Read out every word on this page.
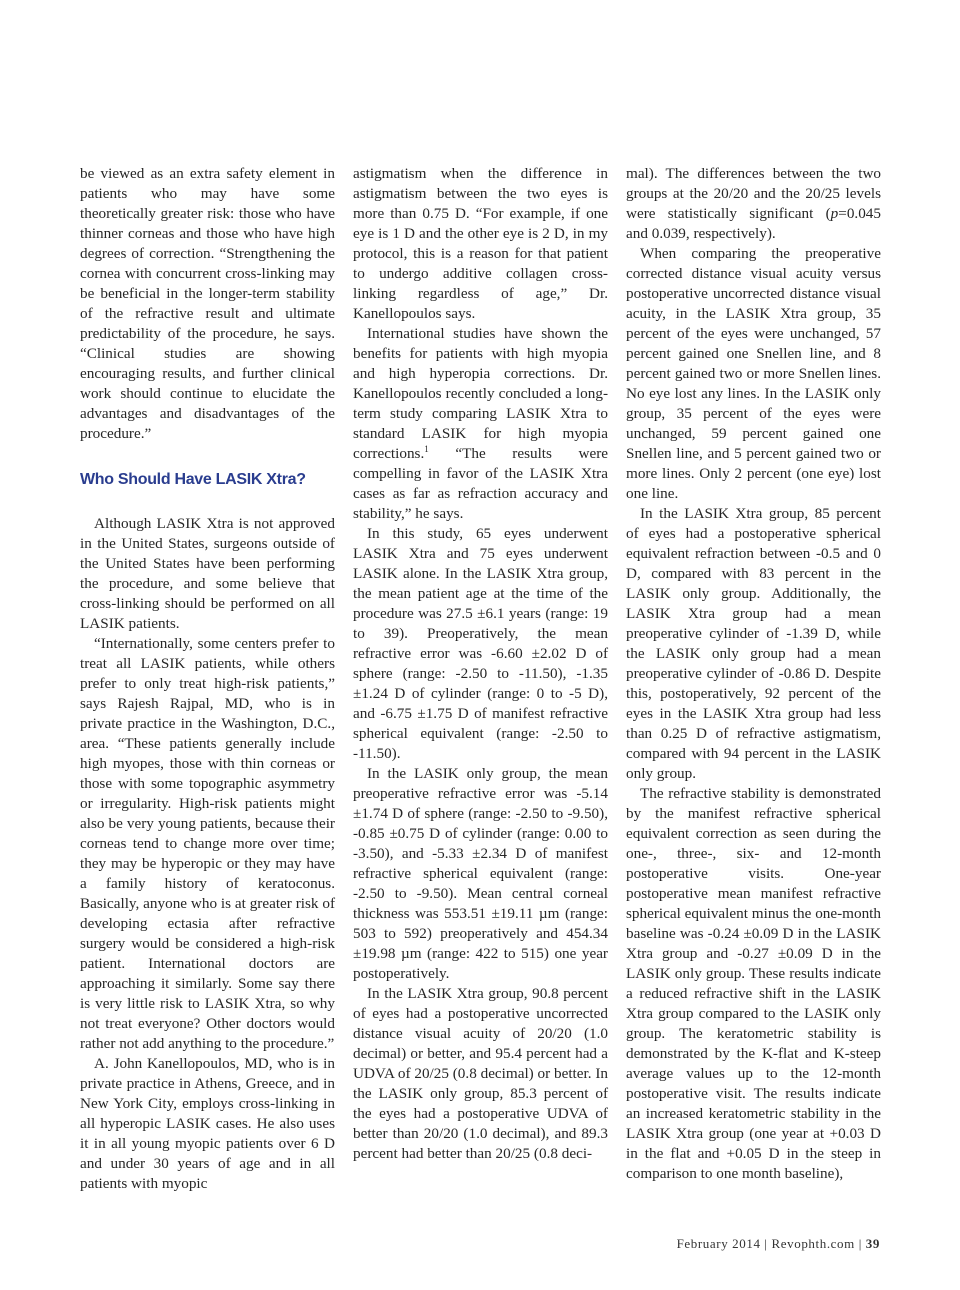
be viewed as an extra safety element in patients who may have some theoretically greater risk: those who have thinner corneas and those who have high degrees of correction. “Strengthening the cornea with concurrent cross-linking may be beneficial in the longer-term stability of the refractive result and ultimate predictability of the procedure, he says. “Clinical studies are showing encouraging results, and further clinical work should continue to elucidate the advantages and disadvantages of the procedure.”

Who Should Have LASIK Xtra?

Although LASIK Xtra is not approved in the United States, surgeons outside of the United States have been performing the procedure, and some believe that cross-linking should be performed on all LASIK patients.

“Internationally, some centers prefer to treat all LASIK patients, while others prefer to only treat high-risk patients,” says Rajesh Rajpal, MD, who is in private practice in the Washington, D.C., area. “These patients generally include high myopes, those with thin corneas or those with some topographic asymmetry or irregularity. High-risk patients might also be very young patients, because their corneas tend to change more over time; they may be hyperopic or they may have a family history of keratoconus. Basically, anyone who is at greater risk of developing ectasia after refractive surgery would be considered a high-risk patient. International doctors are approaching it similarly. Some say there is very little risk to LASIK Xtra, so why not treat everyone? Other doctors would rather not add anything to the procedure.”

A. John Kanellopoulos, MD, who is in private practice in Athens, Greece, and in New York City, employs cross-linking in all hyperopic LASIK cases. He also uses it in all young myopic patients over 6 D and under 30 years of age and in all patients with myopic

astigmatism when the difference in astigmatism between the two eyes is more than 0.75 D. “For example, if one eye is 1 D and the other eye is 2 D, in my protocol, this is a reason for that patient to undergo additive collagen cross-linking regardless of age,” Dr. Kanellopoulos says.

International studies have shown the benefits for patients with high myopia and high hyperopia corrections. Dr. Kanellopoulos recently concluded a long-term study comparing LASIK Xtra to standard LASIK for high myopia corrections.$^1$ “The results were compelling in favor of the LASIK Xtra cases as far as refraction accuracy and stability,” he says.

In this study, 65 eyes underwent LASIK Xtra and 75 eyes underwent LASIK alone. In the LASIK Xtra group, the mean patient age at the time of the procedure was 27.5 ±6.1 years (range: 19 to 39). Preoperatively, the mean refractive error was -6.60 ±2.02 D of sphere (range: -2.50 to -11.50), -1.35 ±1.24 D of cylinder (range: 0 to -5 D), and -6.75 ±1.75 D of manifest refractive spherical equivalent (range: -2.50 to -11.50).

In the LASIK only group, the mean preoperative refractive error was -5.14 ±1.74 D of sphere (range: -2.50 to -9.50), -0.85 ±0.75 D of cylinder (range: 0.00 to -3.50), and -5.33 ±2.34 D of manifest refractive spherical equivalent (range: -2.50 to -9.50). Mean central corneal thickness was 553.51 ±19.11 µm (range: 503 to 592) preoperatively and 454.34 ±19.98 µm (range: 422 to 515) one year postoperatively.

In the LASIK Xtra group, 90.8 percent of eyes had a postoperative uncorrected distance visual acuity of 20/20 (1.0 decimal) or better, and 95.4 percent had a UDVA of 20/25 (0.8 decimal) or better. In the LASIK only group, 85.3 percent of the eyes had a postoperative UDVA of better than 20/20 (1.0 decimal), and 89.3 percent had better than 20/25 (0.8 deci-

mal). The differences between the two groups at the 20/20 and the 20/25 levels were statistically significant (p=0.045 and 0.039, respectively).

When comparing the preoperative corrected distance visual acuity versus postoperative uncorrected distance visual acuity, in the LASIK Xtra group, 35 percent of the eyes were unchanged, 57 percent gained one Snellen line, and 8 percent gained two or more Snellen lines. No eye lost any lines. In the LASIK only group, 35 percent of the eyes were unchanged, 59 percent gained one Snellen line, and 5 percent gained two or more lines. Only 2 percent (one eye) lost one line.

In the LASIK Xtra group, 85 percent of eyes had a postoperative spherical equivalent refraction between -0.5 and 0 D, compared with 83 percent in the LASIK only group. Additionally, the LASIK Xtra group had a mean preoperative cylinder of -1.39 D, while the LASIK only group had a mean preoperative cylinder of -0.86 D. Despite this, postoperatively, 92 percent of the eyes in the LASIK Xtra group had less than 0.25 D of refractive astigmatism, compared with 94 percent in the LASIK only group.

The refractive stability is demonstrated by the manifest refractive spherical equivalent correction as seen during the one-, three-, six- and 12-month postoperative visits. One-year postoperative mean manifest refractive spherical equivalent minus the one-month baseline was -0.24 ±0.09 D in the LASIK Xtra group and -0.27 ±0.09 D in the LASIK only group. These results indicate a reduced refractive shift in the LASIK Xtra group compared to the LASIK only group. The keratometric stability is demonstrated by the K-flat and K-steep average values up to the 12-month postoperative visit. The results indicate an increased keratometric stability in the LASIK Xtra group (one year at +0.03 D in the flat and +0.05 D in the steep in comparison to one month baseline),

February 2014 | Revophth.com | 39
